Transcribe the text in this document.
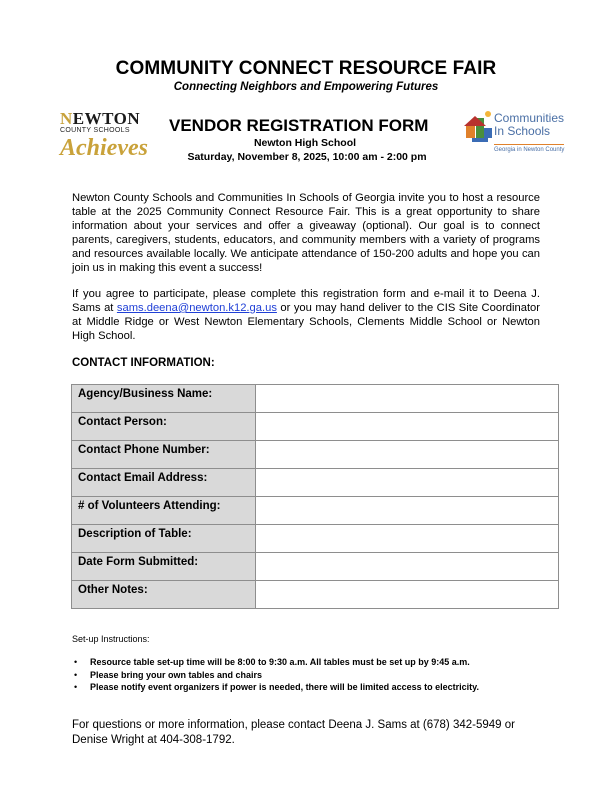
COMMUNITY CONNECT RESOURCE FAIR
Connecting Neighbors and Empowering Futures
NEWTON
COUNTY SCHOOLS
Achieves
VENDOR REGISTRATION FORM
Newton High School
Saturday, November 8, 2025, 10:00 am - 2:00 pm
Communities
In Schools
Georgia in Newton County

Newton County Schools and Communities In Schools of Georgia invite you to host a resource table at the 2025 Community Connect Resource Fair. This is a great opportunity to share information about your services and offer a giveaway (optional). Our goal is to connect parents, caregivers, students, educators, and community members with a variety of programs and resources available locally. We anticipate attendance of 150-200 adults and hope you can join us in making this event a success!

If you agree to participate, please complete this registration form and e-mail it to Deena J. Sams at sams.deena@newton.k12.ga.us or you may hand deliver to the CIS Site Coordinator at Middle Ridge or West Newton Elementary Schools, Clements Middle School or Newton High School.

CONTACT INFORMATION:
Agency/Business Name:	
Contact Person:	
Contact Phone Number:	
Contact Email Address:	
# of Volunteers Attending:	
Description of Table:	
Date Form Submitted:	
Other Notes:	
Set-up Instructions:
• Resource table set-up time will be 8:00 to 9:30 a.m. All tables must be set up by 9:45 a.m.
• Please bring your own tables and chairs
• Please notify event organizers if power is needed, there will be limited access to electricity.

For questions or more information, please contact Deena J. Sams at (678) 342-5949 or Denise Wright at 404-308-1792.
